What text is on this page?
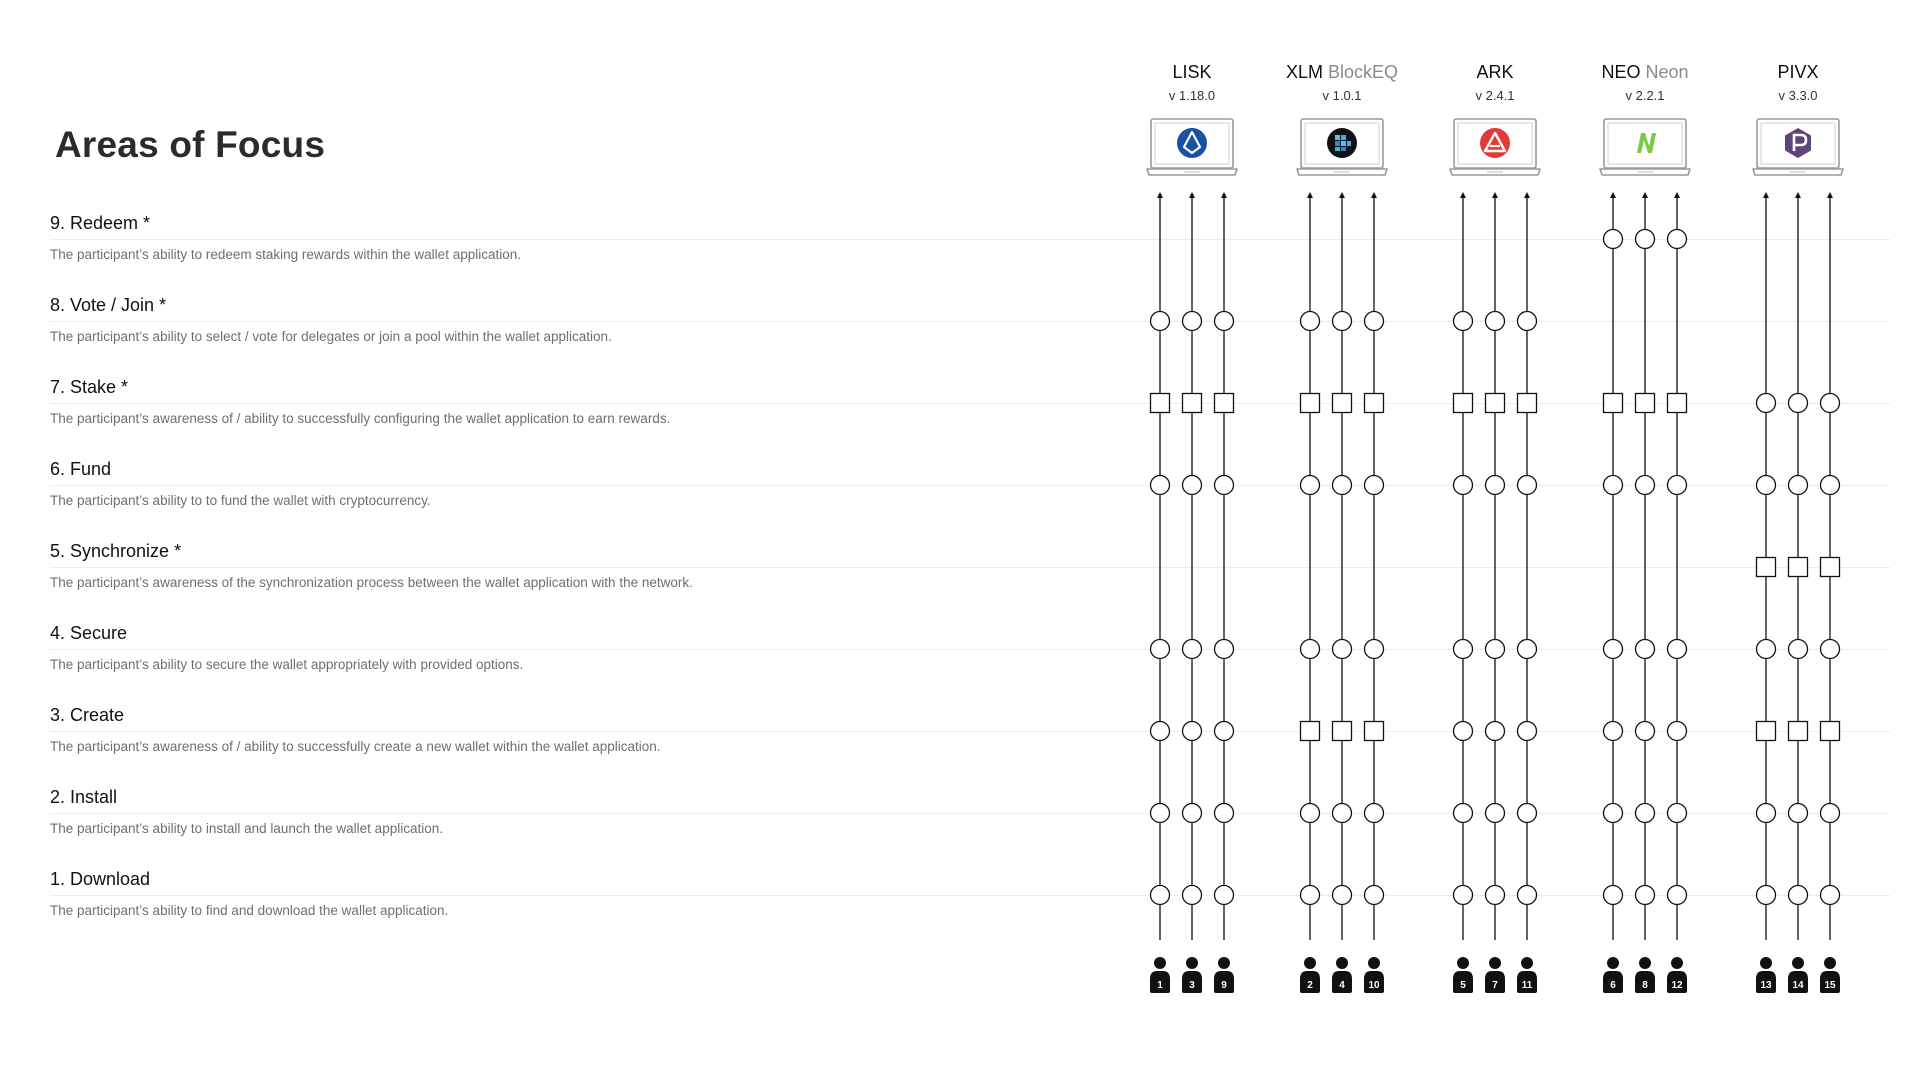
Areas of Focus
9. Redeem *
The participant’s ability to redeem staking rewards within the wallet application.
8. Vote / Join *
The participant’s ability to select / vote for delegates or join a pool within the wallet application.
7. Stake *
The participant’s awareness of / ability to successfully configuring the wallet application to earn rewards.
6. Fund
The participant’s ability to to fund the wallet with cryptocurrency.
5. Synchronize *
The participant’s awareness of the synchronization process between the wallet application with the network.
4. Secure
The participant’s ability to secure the wallet appropriately with provided options.
3. Create
The participant’s awareness of / ability to successfully create a new wallet within the wallet application.
2. Install
The participant’s ability to install and launch the wallet application.
1. Download
The participant’s ability to find and download the wallet application.
LISK
v 1.18.0
XLM BlockEQ
v 1.0.1
ARK
v 2.4.1
NEO Neon
v 2.2.1
PIVX
v 3.3.0
1	3	9	2	4 10	5	7 11	6	8 12	13 14 15
